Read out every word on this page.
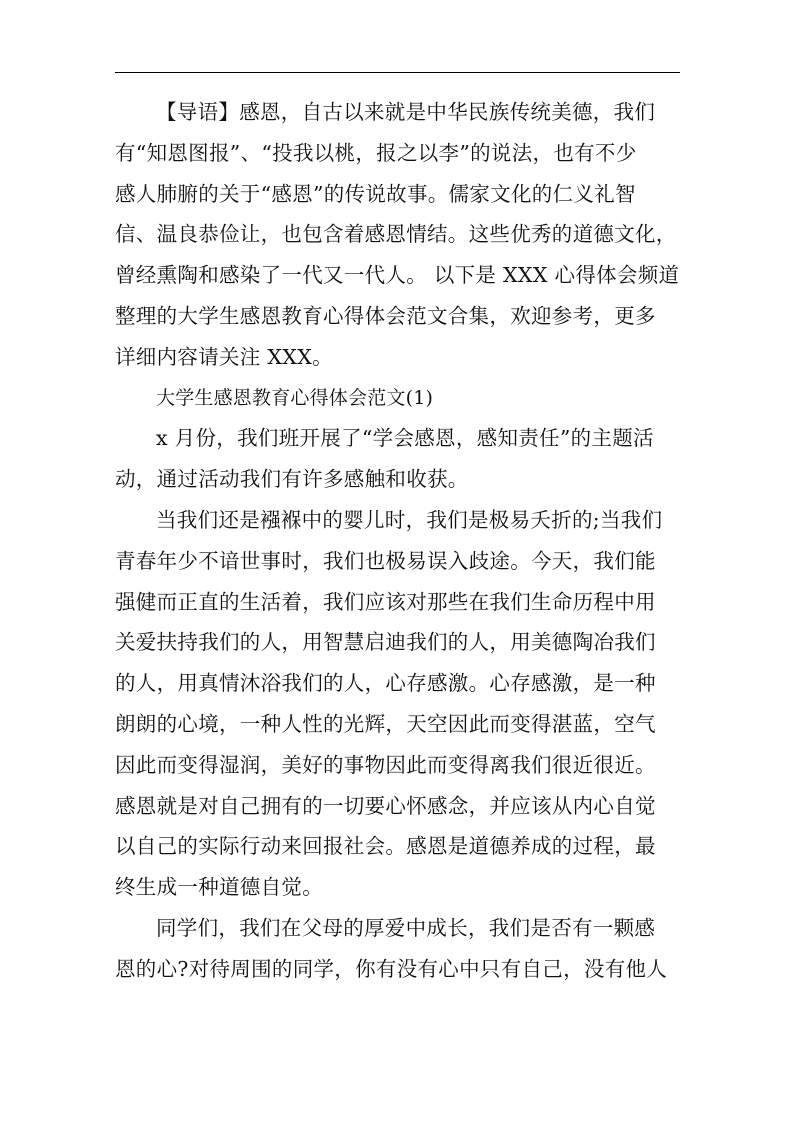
【导语】感恩，自古以来就是中华民族传统美德，我们
有“知恩图报”、“投我以桃，报之以李”的说法，也有不少
感人肺腑的关于“感恩”的传说故事。儒家文化的仁义礼智
信、温良恭俭让，也包含着感恩情结。这些优秀的道德文化，
曾经熏陶和感染了一代又一代人。 以下是 XXX 心得体会频道
整理的大学生感恩教育心得体会范文合集，欢迎参考，更多
详细内容请关注 XXX。
大学生感恩教育心得体会范文(1)
x 月份，我们班开展了“学会感恩，感知责任”的主题活
动，通过活动我们有许多感触和收获。
当我们还是襁褓中的婴儿时，我们是极易夭折的;当我们
青春年少不谙世事时，我们也极易误入歧途。今天，我们能
强健而正直的生活着，我们应该对那些在我们生命历程中用
关爱扶持我们的人，用智慧启迪我们的人，用美德陶冶我们
的人，用真情沐浴我们的人，心存感激。心存感激，是一种
朗朗的心境，一种人性的光辉，天空因此而变得湛蓝，空气
因此而变得湿润，美好的事物因此而变得离我们很近很近。
感恩就是对自己拥有的一切要心怀感念，并应该从内心自觉
以自己的实际行动来回报社会。感恩是道德养成的过程，最
终生成一种道德自觉。
同学们，我们在父母的厚爱中成长，我们是否有一颗感
恩的心?对待周围的同学，你有没有心中只有自己，没有他人
